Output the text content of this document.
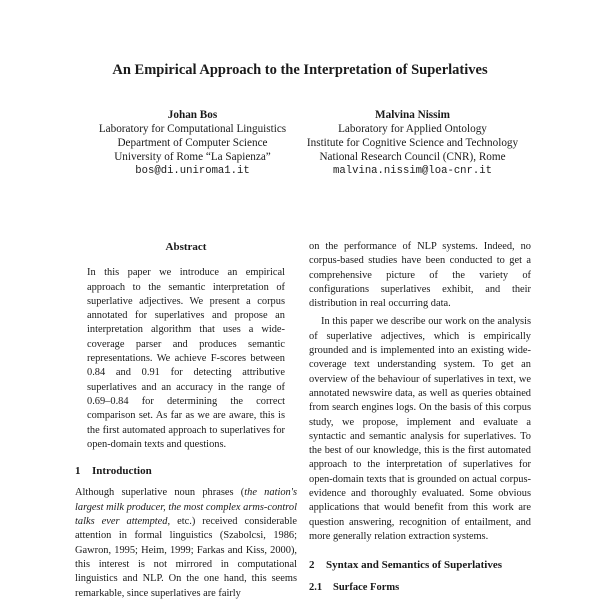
An Empirical Approach to the Interpretation of Superlatives
Johan Bos
Laboratory for Computational Linguistics
Department of Computer Science
University of Rome “La Sapienza”
bos@di.uniroma1.it
Malvina Nissim
Laboratory for Applied Ontology
Institute for Cognitive Science and Technology
National Research Council (CNR), Rome
malvina.nissim@loa-cnr.it
Abstract

In this paper we introduce an empirical approach to the semantic interpretation of superlative adjectives. We present a corpus annotated for superlatives and propose an interpretation algorithm that uses a wide-coverage parser and produces semantic representations. We achieve F-scores between 0.84 and 0.91 for detecting attributive superlatives and an accuracy in the range of 0.69–0.84 for determining the correct comparison set. As far as we are aware, this is the first automated approach to superlatives for open-domain texts and questions.

1 Introduction

Although superlative noun phrases (the nation's largest milk producer, the most complex arms-control talks ever attempted, etc.) received considerable attention in formal linguistics (Szabolcsi, 1986; Gawron, 1995; Heim, 1999; Farkas and Kiss, 2000), this interest is not mirrored in computational linguistics and NLP. On the one hand, this seems remarkable, since superlatives are fairly

on the performance of NLP systems. Indeed, no corpus-based studies have been conducted to get a comprehensive picture of the variety of configurations superlatives exhibit, and their distribution in real occurring data.

In this paper we describe our work on the analysis of superlative adjectives, which is empirically grounded and is implemented into an existing wide-coverage text understanding system. To get an overview of the behaviour of superlatives in text, we annotated newswire data, as well as queries obtained from search engines logs. On the basis of this corpus study, we propose, implement and evaluate a syntactic and semantic analysis for superlatives. To the best of our knowledge, this is the first automated approach to the interpretation of superlatives for open-domain texts that is grounded on actual corpus-evidence and thoroughly evaluated. Some obvious applications that would benefit from this work are question answering, recognition of entailment, and more generally relation extraction systems.

2 Syntax and Semantics of Superlatives
2.1 Surface Forms
